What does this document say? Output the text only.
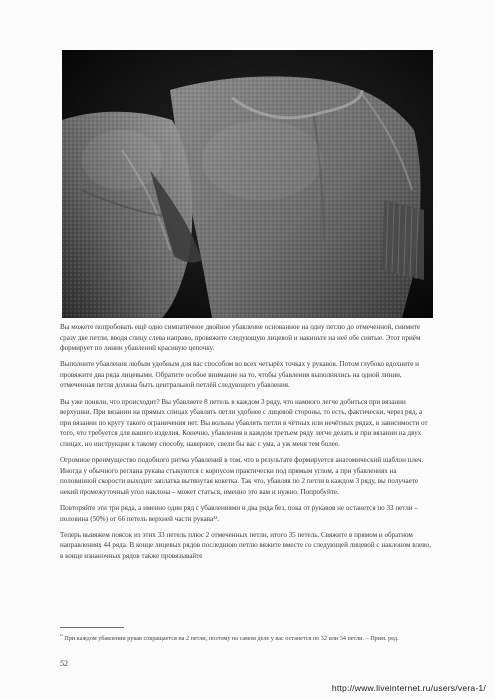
Вы можете попробовать ещё одно симпатичное двойное убавление основанное на одну петлю до отмеченной, снимите сразу две петли, вводя спицу слева направо, провяжите следующую лицевой и накиньте на неё обе снятые. Этот приём формирует по линии убавлений красивую цепочку.

Выполните убавления любым удобным для вас способом во всех четырёх точках у рукавов. Потом глубоко вдохните и провяжите два ряда лицевыми. Обратите особое внимание на то, чтобы убавления выполнялись на одной линии, отмеченная петля должна быть центральной петлёй следующего убавления.

Вы уже поняли, что происходит? Вы убавляете 8 петель в каждом 3 ряду, что намного легче добиться при вязании верхушки. При вязании на прямых спицах убавлять петли удобнее с лицевой стороны, то есть, фактически, через ряд, а при вязании по кругу такого ограничения нет. Вы вольны убавлять петли в чётных или нечётных рядах, в зависимости от того, что требуется для вашего изделия. Конечно, убавления в каждом третьем ряду легче делать и при вязании на двух спицах, но инструкции к такому способу, наверное, свели бы вас с ума, а уж меня тем более.

Огромное преимущество подобного ритма убавлений в том, что в результате формируется анатомический шаблон плеч. Иногда у обычного реглана рукава стыкуются с корпусом практически под прямым углом, а при убавлениях на половинной скорости выходит заплатка вытянутая кокетка. Так что, убавляя по 2 петли в каждом 3 ряду, вы получаете некий промежуточный угол наклона – может статься, именно это вам и нужно. Попробуйте.

Повторяйте эти три ряда, а именно один ряд с убавлениями и два ряда без, пока от рукавов не останется по 33 петли – половина (50%) от 66 петель верхней части рукава¹².

Теперь вывяжем поясок из этих 33 петель плюс 2 отмеченных петли, итого 35 петель. Свяжите в прямом и обратном направлениях 44 ряда. В конце лицевых рядов последнюю петлю вяжите вместе со следующей лицевой с наклоном влево, в конце изнаночных рядов также провязывайте

$^{^{12}}$ При каждом убавлении рукав сокращается на 2 петли, поэтому на самом деле у вас останется по 32 или 34 петли. – Прим. ред.
52
http://www.liveinternet.ru/users/vera-1/
